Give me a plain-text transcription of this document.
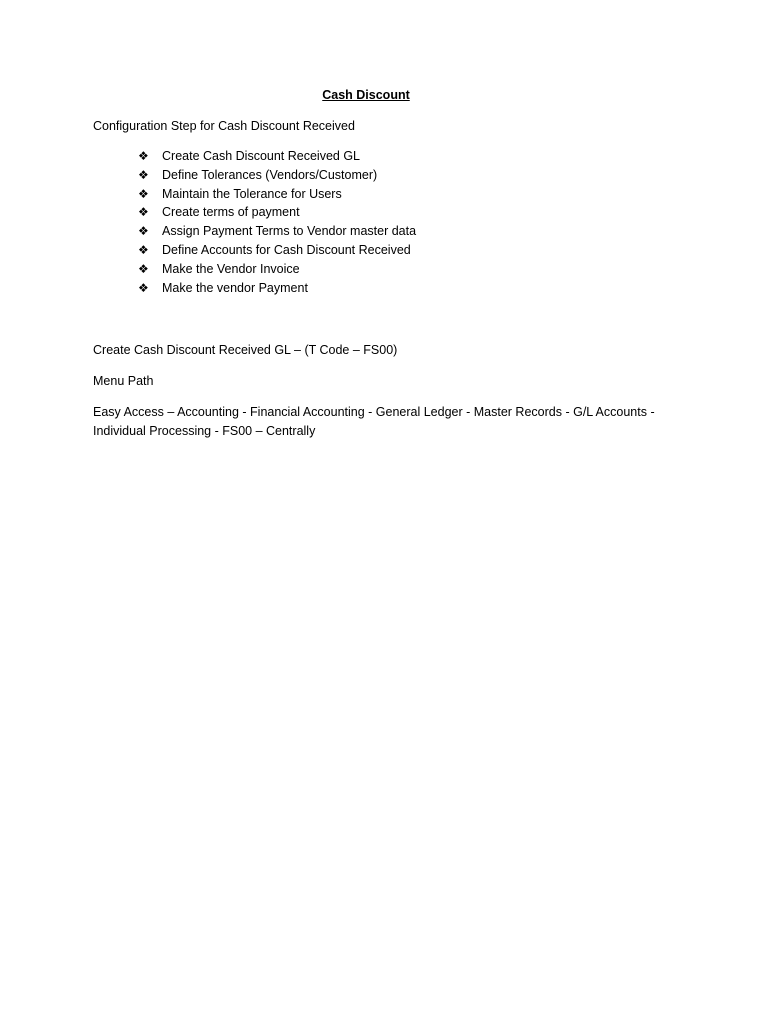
Cash Discount

Configuration Step for Cash Discount Received

❖	Create Cash Discount Received GL
❖	Define Tolerances (Vendors/Customer)
❖	Maintain the Tolerance for Users
❖	Create terms of payment
❖	Assign Payment Terms to Vendor master data
❖	Define Accounts for Cash Discount Received
❖	Make the Vendor Invoice
❖	Make the vendor Payment

Create Cash Discount Received GL – (T Code – FS00)

Menu Path

Easy Access – Accounting - Financial Accounting - General Ledger - Master Records - G/L Accounts - Individual Processing - FS00 – Centrally
